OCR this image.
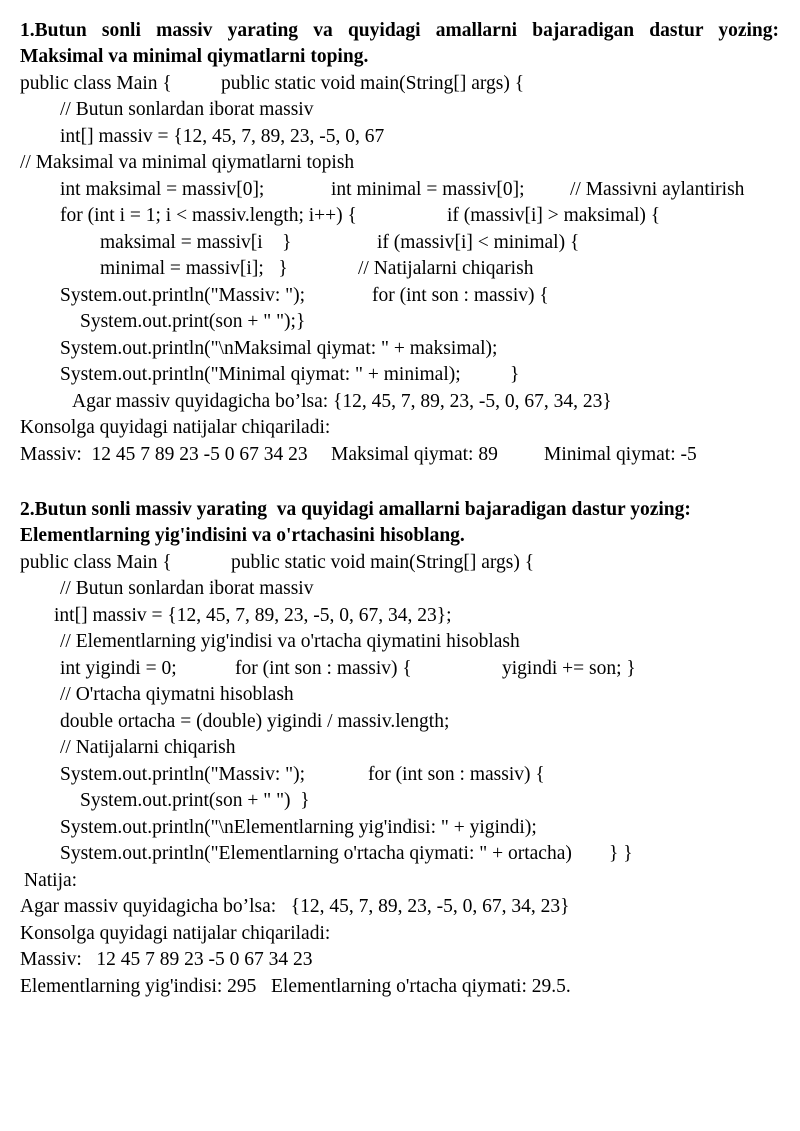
1.Butun sonli massiv yarating va quyidagi amallarni bajaradigan dastur yozing:
Maksimal va minimal qiymatlarni toping.

public class Main {

	public static void main(String[] args) {

// Butun sonlardan iborat massiv
int[] massiv = {12, 45, 7, 89, 23, -5, 0, 67
// Maksimal va minimal qiymatlarni topish

int maksimal = massiv[0];

	int minimal = massiv[0];

// Massivni aylantirish

for (int i = 1; i < massiv.length; i++) {

	if (massiv[i] > maksimal) {

maksimal = massiv[i    }

	if (massiv[i] < minimal) {

minimal = massiv[i];   }

	// Natijalarni chiqarish

System.out.println("Massiv: ");

	for (int son : massiv) {

System.out.print(son + " ");}
System.out.println("\nMaksimal qiymat: " + maksimal);

System.out.println("Minimal qiymat: " + minimal);

	}

Agar massiv quyidagicha bo’lsa: {12, 45, 7, 89, 23, -5, 0, 67, 34, 23}
Konsolga quyidagi natijalar chiqariladi:

Massiv:  12 45 7 89 23 -5 0 67 34 23

Maksimal qiymat: 89

Minimal qiymat: -5

2.Butun sonli massiv yarating  va quyidagi amallarni bajaradigan dastur yozing:
Elementlarning yig'indisini va o'rtachasini hisoblang.

public class Main {

	public static void main(String[] args) {

// Butun sonlardan iborat massiv
int[] massiv = {12, 45, 7, 89, 23, -5, 0, 67, 34, 23};
// Elementlarning yig'indisi va o'rtacha qiymatini hisoblash

int yigindi = 0;

	for (int son : massiv) {

	yigindi += son; }

// O'rtacha qiymatni hisoblash
double ortacha = (double) yigindi / massiv.length;
// Natijalarni chiqarish

System.out.println("Massiv: ");

	for (int son : massiv) {

System.out.print(son + " ")  }
System.out.println("\nElementlarning yig'indisi: " + yigindi);

System.out.println("Elementlarning o'rtacha qiymati: " + ortacha)

} }

Natija:
Agar massiv quyidagicha bo’lsa:   {12, 45, 7, 89, 23, -5, 0, 67, 34, 23}
Konsolga quyidagi natijalar chiqariladi:
Massiv:   12 45 7 89 23 -5 0 67 34 23
Elementlarning yig'indisi: 295   Elementlarning o'rtacha qiymati: 29.5.
